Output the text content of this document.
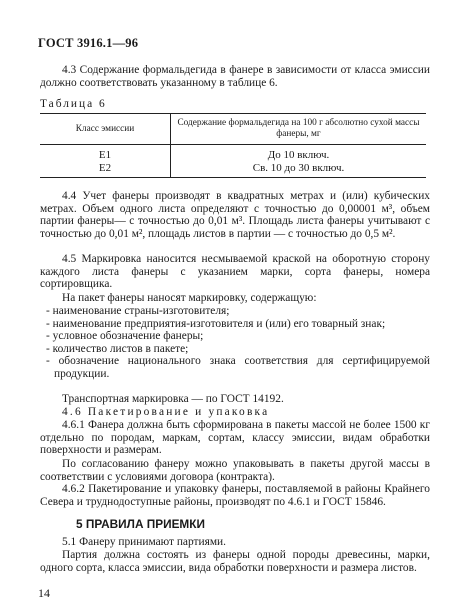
ГОСТ 3916.1—96
4.3 Содержание формальдегида в фанере в зависимости от класса эмиссии должно соответствовать указанному в таблице 6.
Таблица 6
Класс эмиссии	Содержание формальдегида на 100 г абсолютно сухой массы фанеры, мг
Е1	До 10 включ.
Е2	Св. 10 до 30 включ.
4.4 Учет фанеры производят в квадратных метрах и (или) кубических метрах. Объем одного листа определяют с точностью до 0,00001 м³, объем партии фанеры— с точностью до 0,01 м³. Площадь листа фанеры учитывают с точностью до 0,01 м², площадь листов в партии — с точностью до 0,5 м².
4.5 Маркировка наносится несмываемой краской на оборотную сторону каждого листа фанеры с указанием марки, сорта фанеры, номера сортировщика.
На пакет фанеры наносят маркировку, содержащую:
- наименование страны-изготовителя;
- наименование предприятия-изготовителя и (или) его товарный знак;
- условное обозначение фанеры;
- количество листов в пакете;
- обозначение национального знака соответствия для сертифицируемой продукции.
Транспортная маркировка — по ГОСТ 14192.
4.6 Пакетирование и упаковка
4.6.1 Фанера должна быть сформирована в пакеты массой не более 1500 кг отдельно по породам, маркам, сортам, классу эмиссии, видам обработки поверхности и размерам.
По согласованию фанеру можно упаковывать в пакеты другой массы в соответствии с условиями договора (контракта).
4.6.2 Пакетирование и упаковку фанеры, поставляемой в районы Крайнего Севера и труднодоступные районы, производят по 4.6.1 и ГОСТ 15846.
5 ПРАВИЛА ПРИЕМКИ
5.1 Фанеру принимают партиями.
Партия должна состоять из фанеры одной породы древесины, марки, одного сорта, класса эмиссии, вида обработки поверхности и размера листов.
14
